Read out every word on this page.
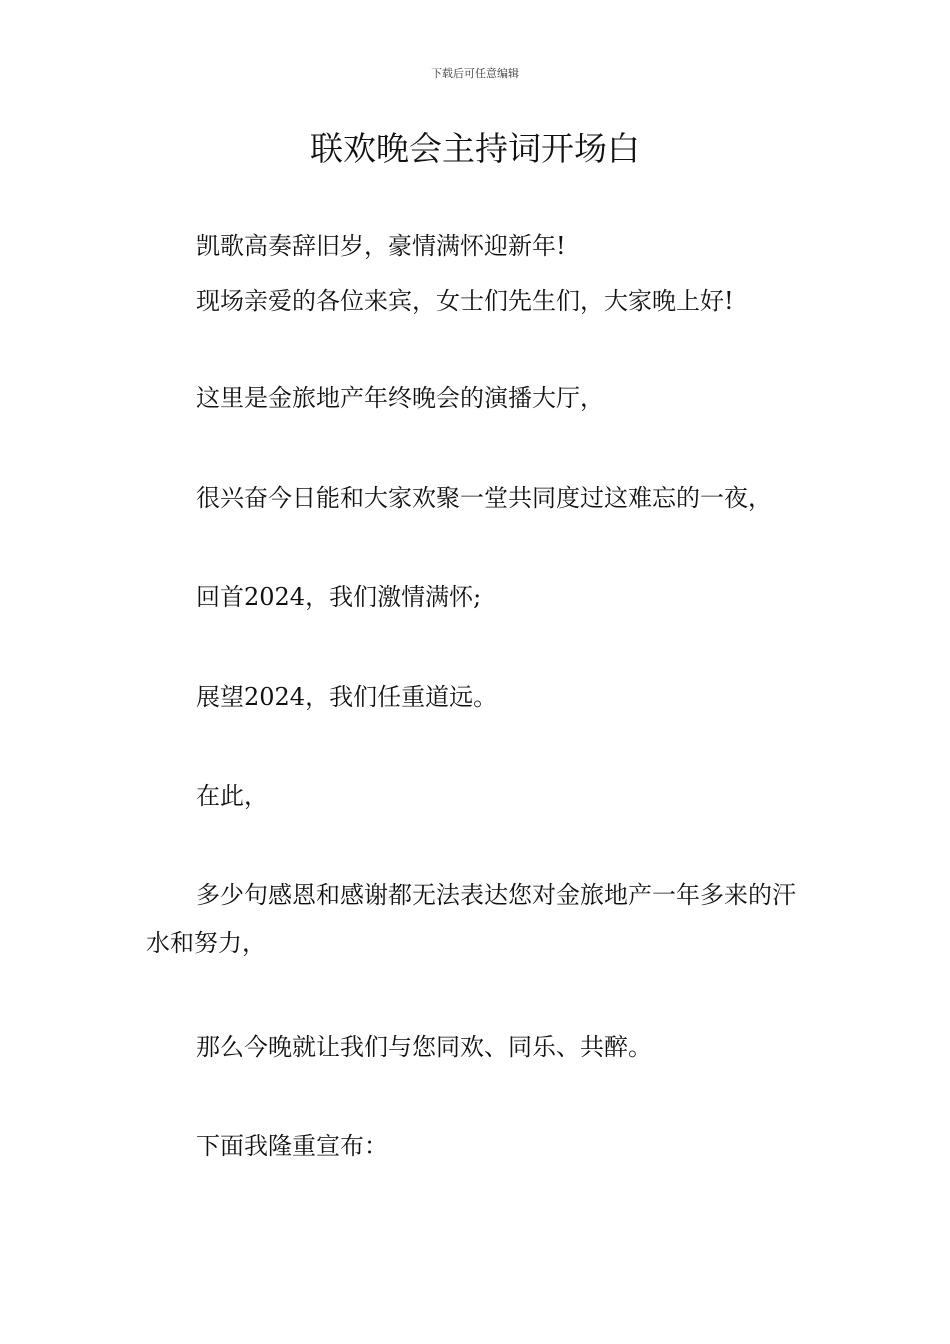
下载后可任意编辑
联欢晚会主持词开场白

凯歌高奏辞旧岁，豪情满怀迎新年!

现场亲爱的各位来宾，女士们先生们，大家晚上好!

这里是金旅地产年终晚会的演播大厅，

很兴奋今日能和大家欢聚一堂共同度过这难忘的一夜，

回首2024，我们激情满怀;

展望2024，我们任重道远。

在此，

多少句感恩和感谢都无法表达您对金旅地产一年多来的汗水和努力，

那么今晚就让我们与您同欢、同乐、共醉。

下面我隆重宣布：
